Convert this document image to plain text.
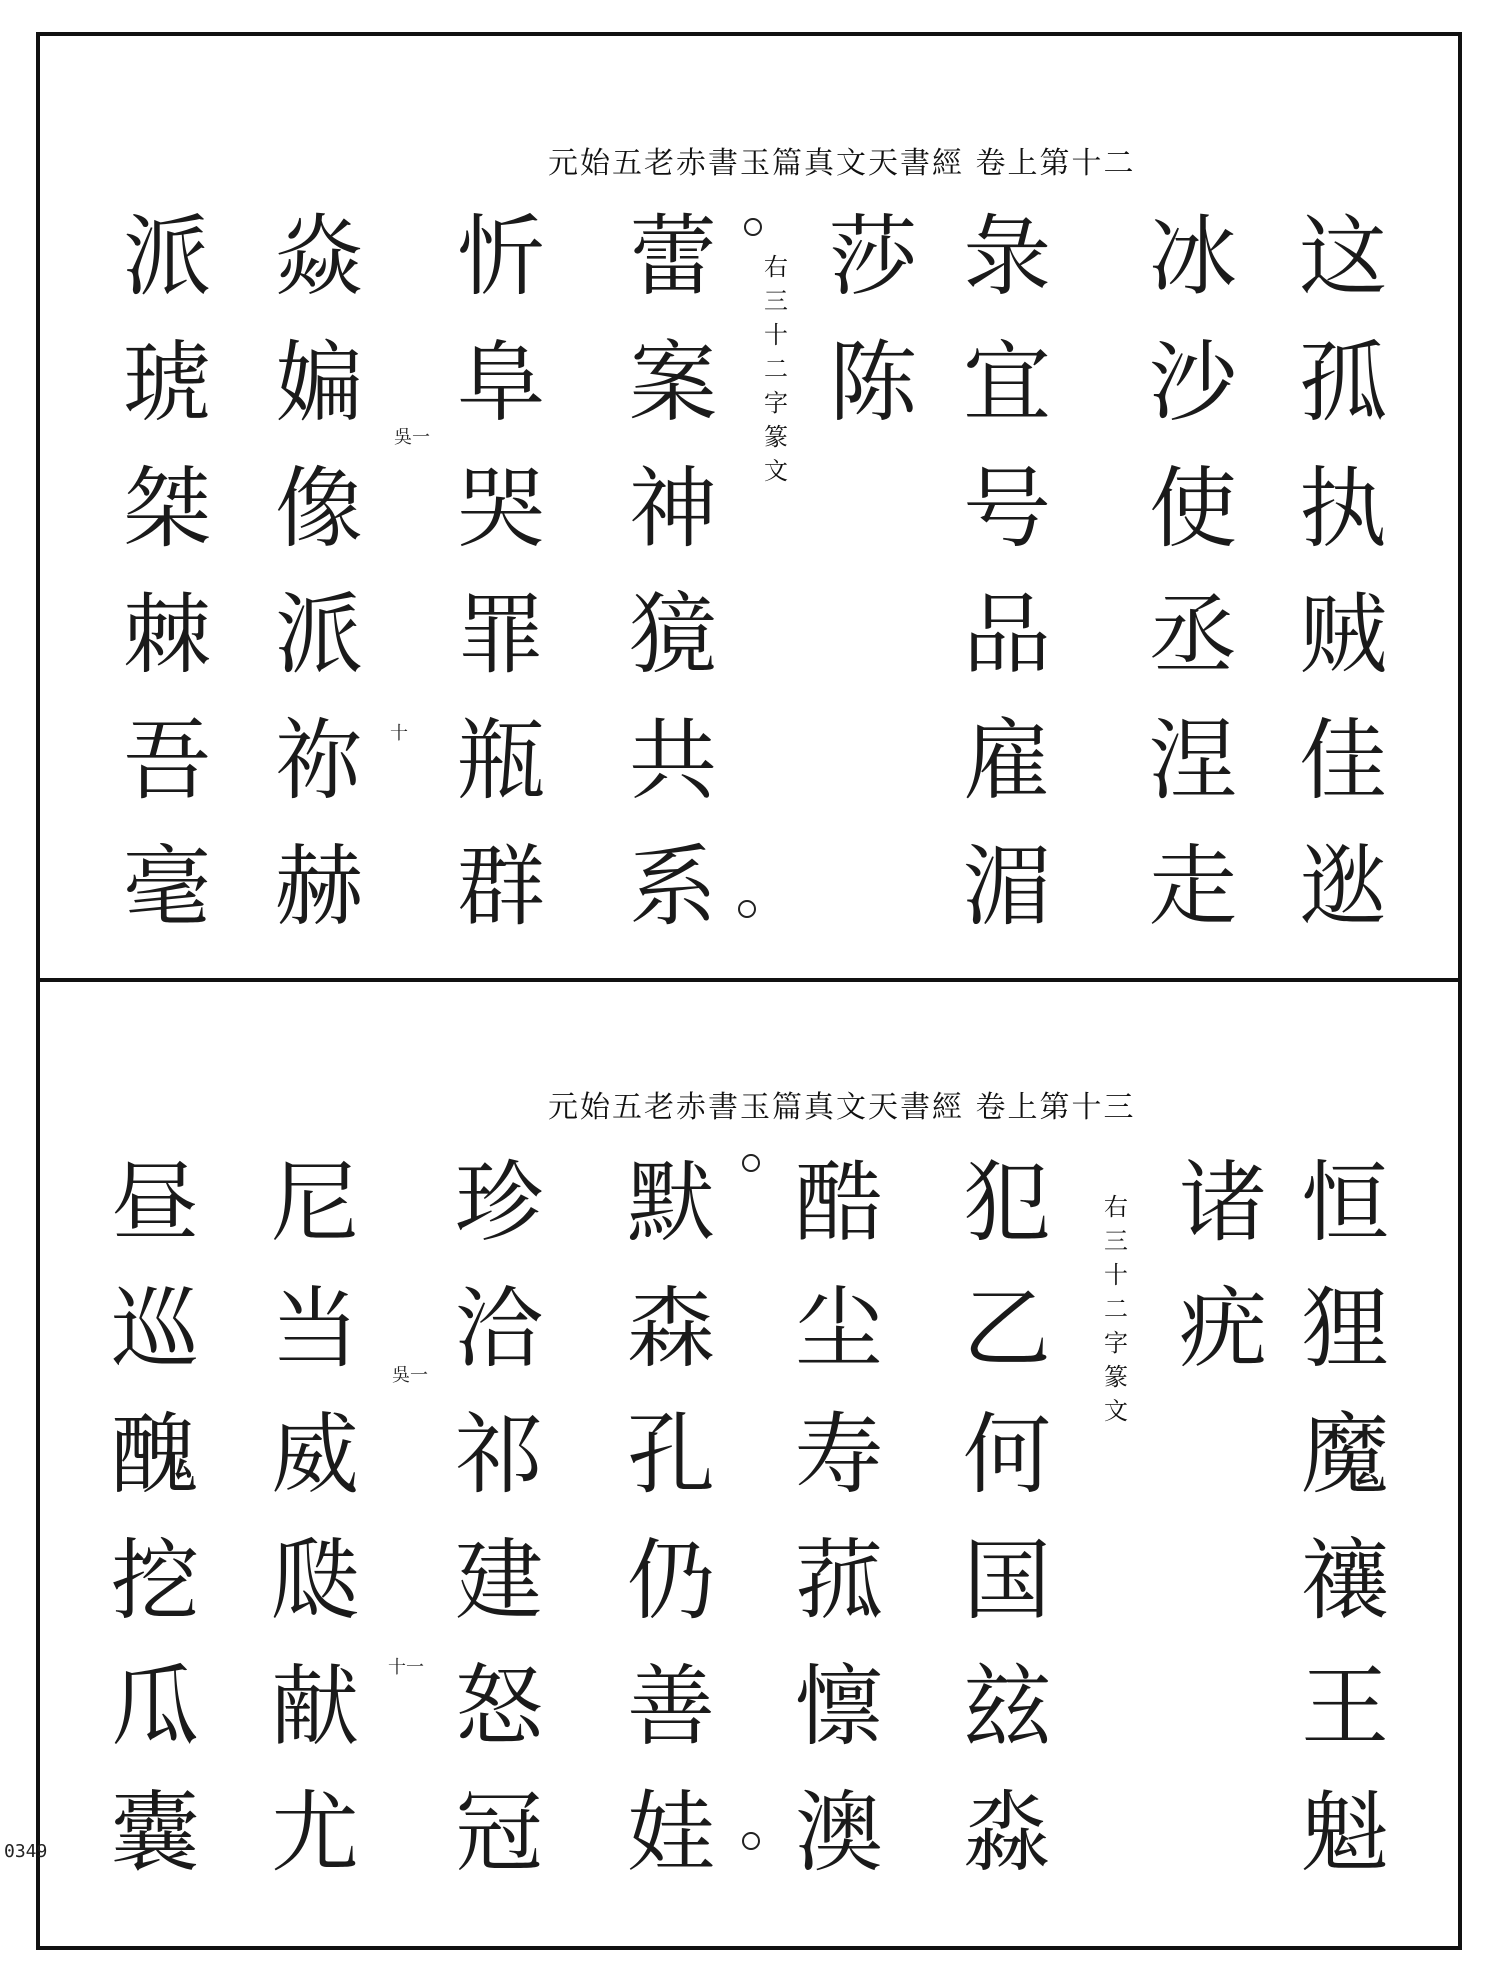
0349
元始五老赤書玉篇真文天書經 卷上第十二
这
孤
执
贼
佳
逖
冰
沙
使
丞
涅
走
彔
宜
号
品
雇
湄
莎
陈
右
三
十
二
字
篆
文
蕾
案
神
獍
共
系
忻
阜
哭
罪
瓶
群
吳一
十
焱
媥
像
派
祢
赫
派
琥
桀
棘
吾
毫
元始五老赤書玉篇真文天書經 卷上第十三
恒
狸
魔
禳
王
魁
诸
疣
右
三
十
二
字
篆
文
犯
乙
何
国
玆
淼
酷
尘
寿
菰
懔
澳
默
森
孔
仍
善
娃
珍
洽
祁
建
怒
冠
吳一
十一
尼
当
威
瓞
献
尤
昼
巡
醜
挖
瓜
囊
